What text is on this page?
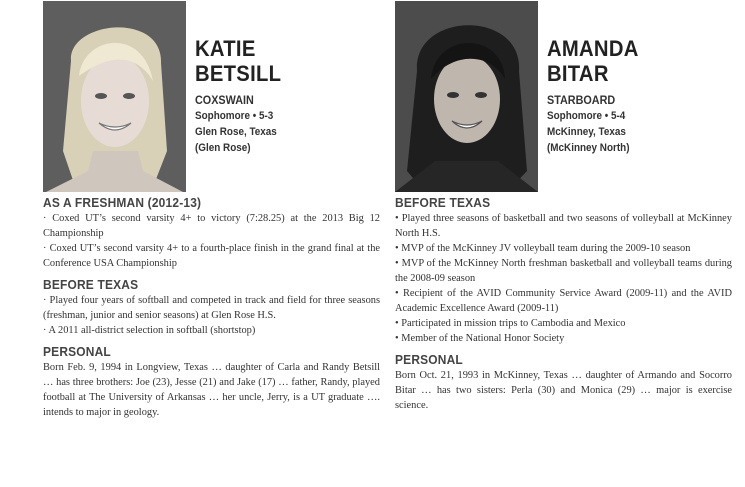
KATIE
BETSILL
COXSWAIN
Sophomore • 5-3
Glen Rose, Texas
(Glen Rose)
AS A FRESHMAN (2012-13)

· Coxed UT’s second varsity 4+ to victory (7:28.25) at the 2013 Big 12 Championship

· Coxed UT’s second varsity 4+ to a fourth-place finish in the grand final at the Conference USA Championship

BEFORE TEXAS

· Played four years of softball and competed in track and field for three seasons (freshman, junior and senior seasons) at Glen Rose H.S.

· A 2011 all-district selection in softball (shortstop)

PERSONAL

Born Feb. 9, 1994 in Longview, Texas … daughter of Carla and Randy Betsill … has three brothers: Joe (23), Jesse (21) and Jake (17) … father, Randy, played football at The University of Arkansas … her uncle, Jerry, is a UT graduate …. intends to major in geology.

AMANDA
BITAR
STARBOARD
Sophomore • 5-4
McKinney, Texas
(McKinney North)
BEFORE TEXAS

• Played three seasons of basketball and two seasons of volleyball at McKinney North H.S.

• MVP of the McKinney JV volleyball team during the 2009-10 season

• MVP of the McKinney North freshman basketball and volleyball teams during the 2008-09 season

• Recipient of the AVID Community Service Award (2009-11) and the AVID Academic Excellence Award (2009-11)

• Participated in mission trips to Cambodia and Mexico

• Member of the National Honor Society

PERSONAL

Born Oct. 21, 1993 in McKinney, Texas … daughter of Armando and Socorro Bitar … has two sisters: Perla (30) and Monica (29) … major is exercise science.
